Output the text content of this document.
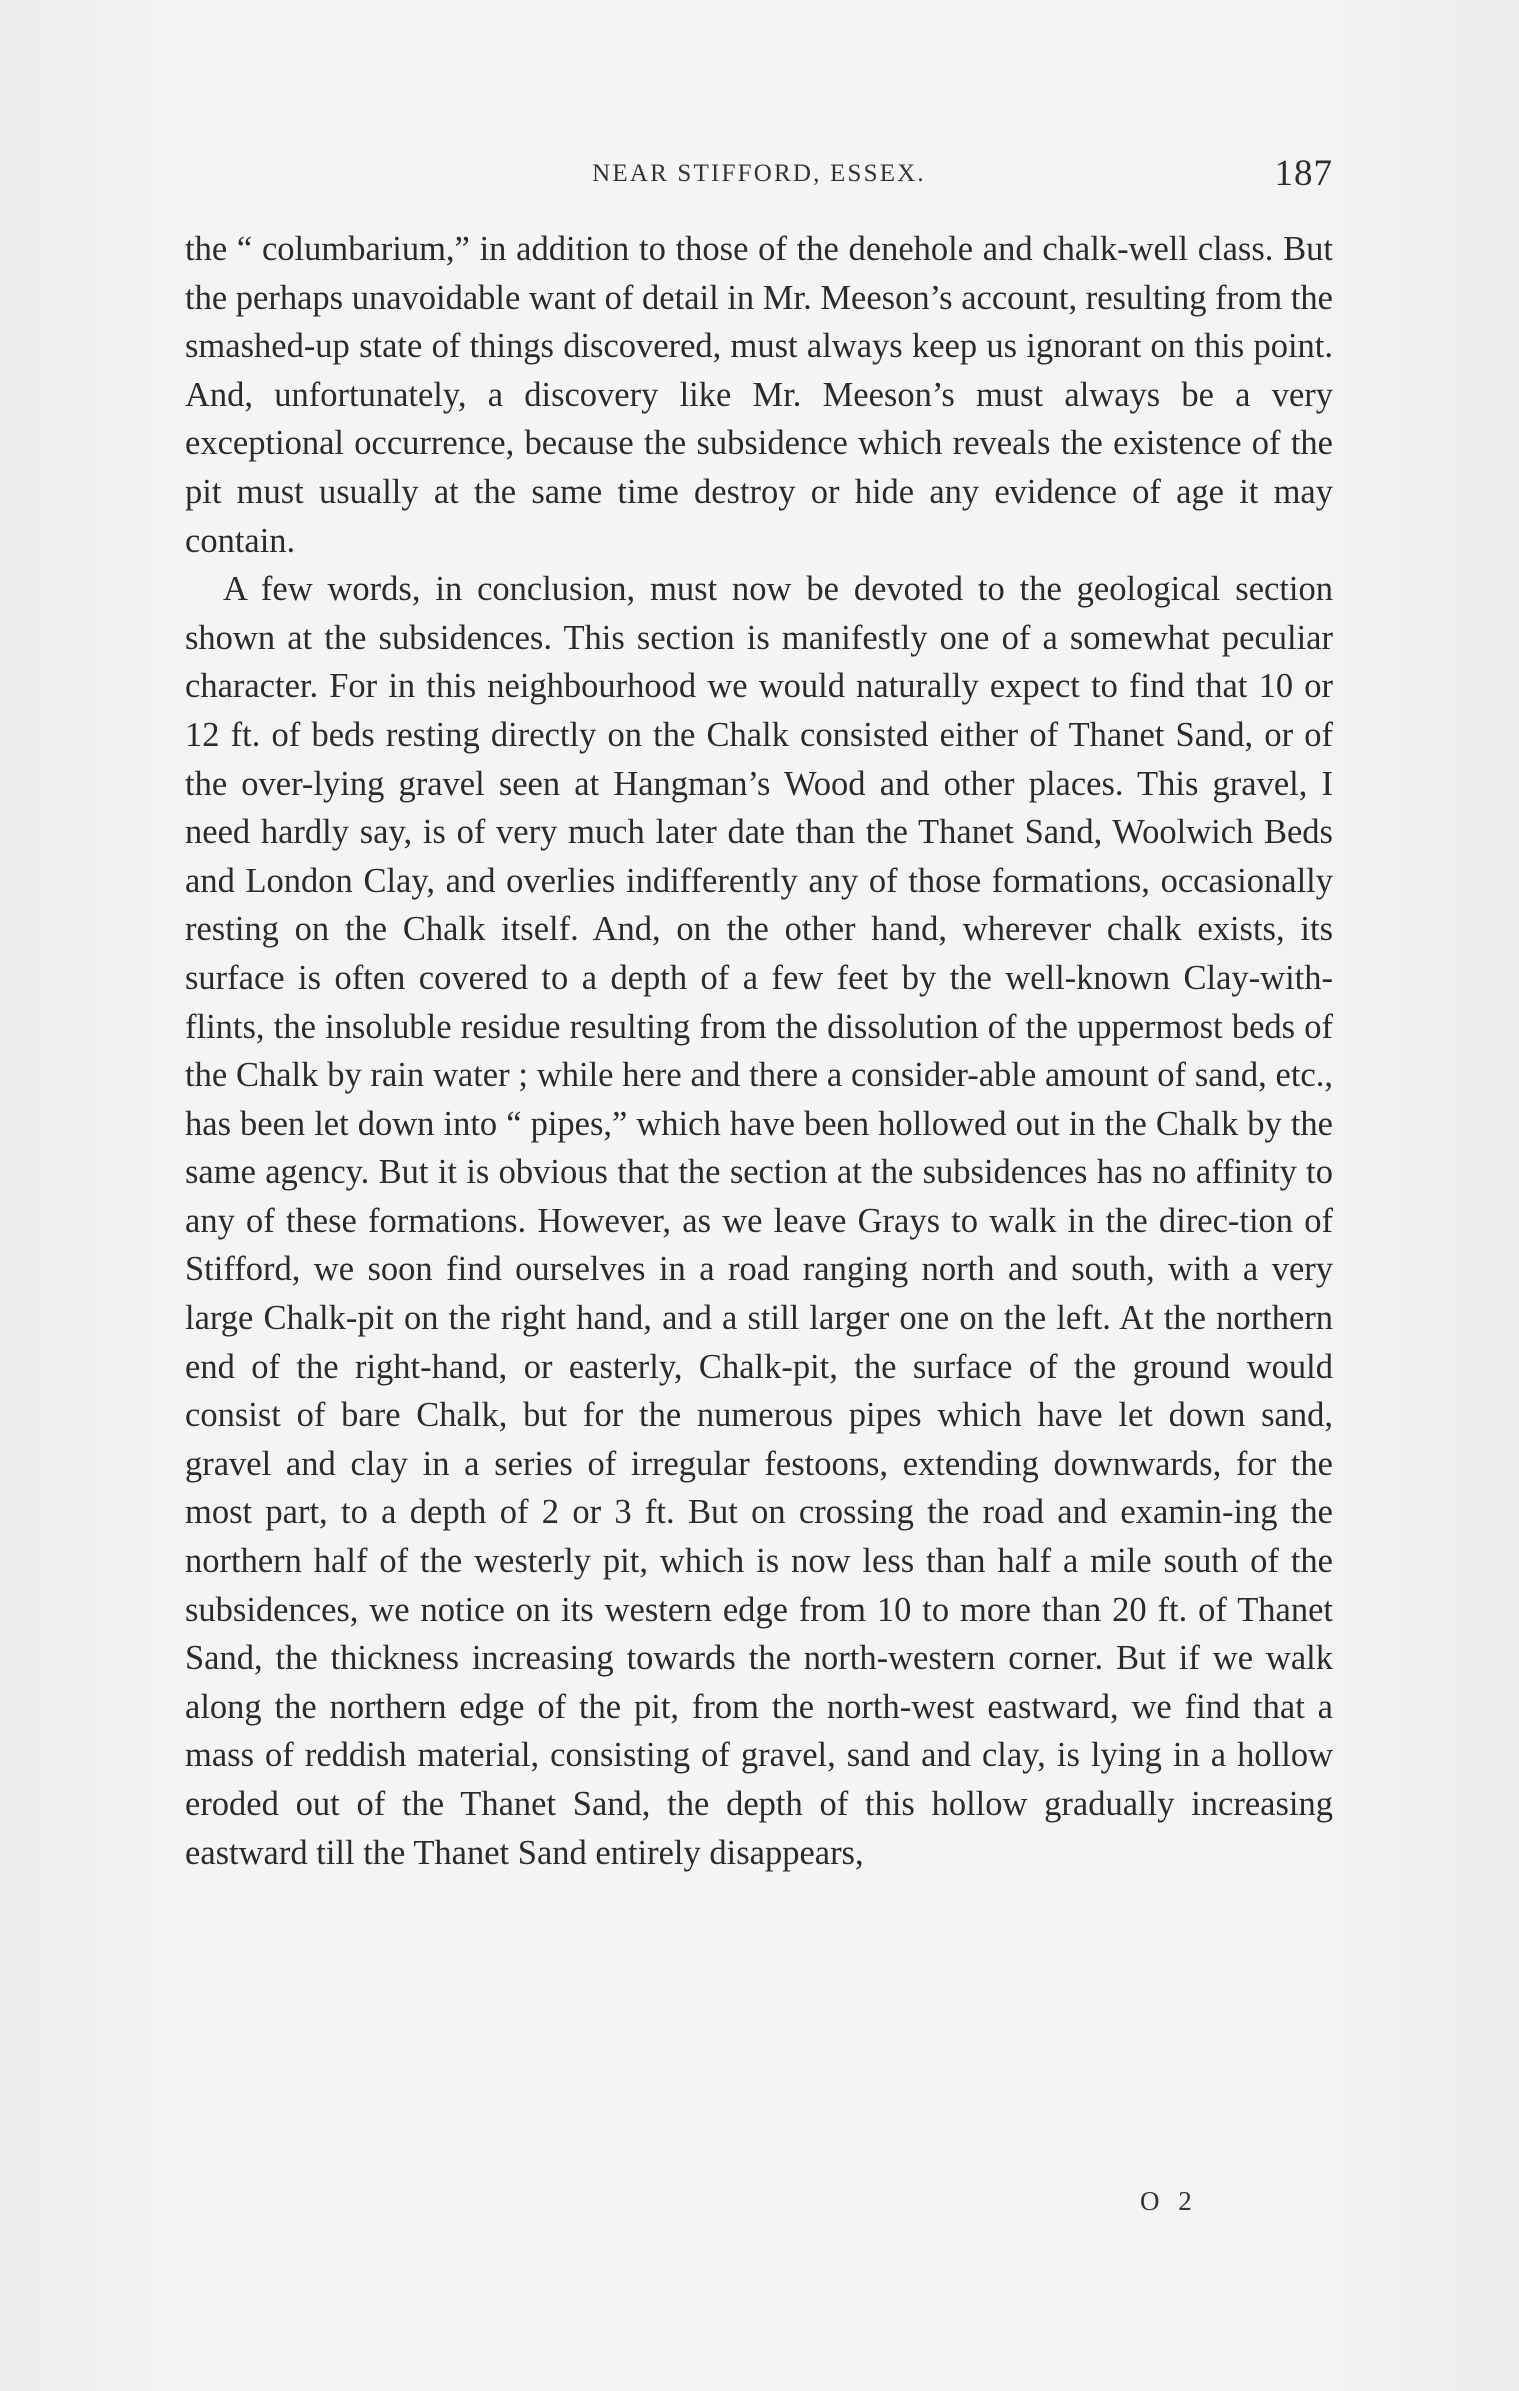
NEAR STIFFORD, ESSEX.	187

the “ columbarium,” in addition to those of the denehole and chalk-well class. But the perhaps unavoidable want of detail in Mr. Meeson’s account, resulting from the smashed-up state of things discovered, must always keep us ignorant on this point. And, unfortunately, a discovery like Mr. Meeson’s must always be a very exceptional occurrence, because the subsidence which reveals the existence of the pit must usually at the same time destroy or hide any evidence of age it may contain.

A few words, in conclusion, must now be devoted to the geological section shown at the subsidences. This section is manifestly one of a somewhat peculiar character. For in this neighbourhood we would naturally expect to find that 10 or 12 ft. of beds resting directly on the Chalk consisted either of Thanet Sand, or of the over-lying gravel seen at Hangman’s Wood and other places. This gravel, I need hardly say, is of very much later date than the Thanet Sand, Woolwich Beds and London Clay, and overlies indifferently any of those formations, occasionally resting on the Chalk itself. And, on the other hand, wherever chalk exists, its surface is often covered to a depth of a few feet by the well-known Clay-with-flints, the insoluble residue resulting from the dissolution of the uppermost beds of the Chalk by rain water ; while here and there a consider-able amount of sand, etc., has been let down into “ pipes,” which have been hollowed out in the Chalk by the same agency. But it is obvious that the section at the subsidences has no affinity to any of these formations. However, as we leave Grays to walk in the direc-tion of Stifford, we soon find ourselves in a road ranging north and south, with a very large Chalk-pit on the right hand, and a still larger one on the left. At the northern end of the right-hand, or easterly, Chalk-pit, the surface of the ground would consist of bare Chalk, but for the numerous pipes which have let down sand, gravel and clay in a series of irregular festoons, extending downwards, for the most part, to a depth of 2 or 3 ft. But on crossing the road and examin-ing the northern half of the westerly pit, which is now less than half a mile south of the subsidences, we notice on its western edge from 10 to more than 20 ft. of Thanet Sand, the thickness increasing towards the north-western corner. But if we walk along the northern edge of the pit, from the north-west eastward, we find that a mass of reddish material, consisting of gravel, sand and clay, is lying in a hollow eroded out of the Thanet Sand, the depth of this hollow gradually increasing eastward till the Thanet Sand entirely disappears,

O 2
